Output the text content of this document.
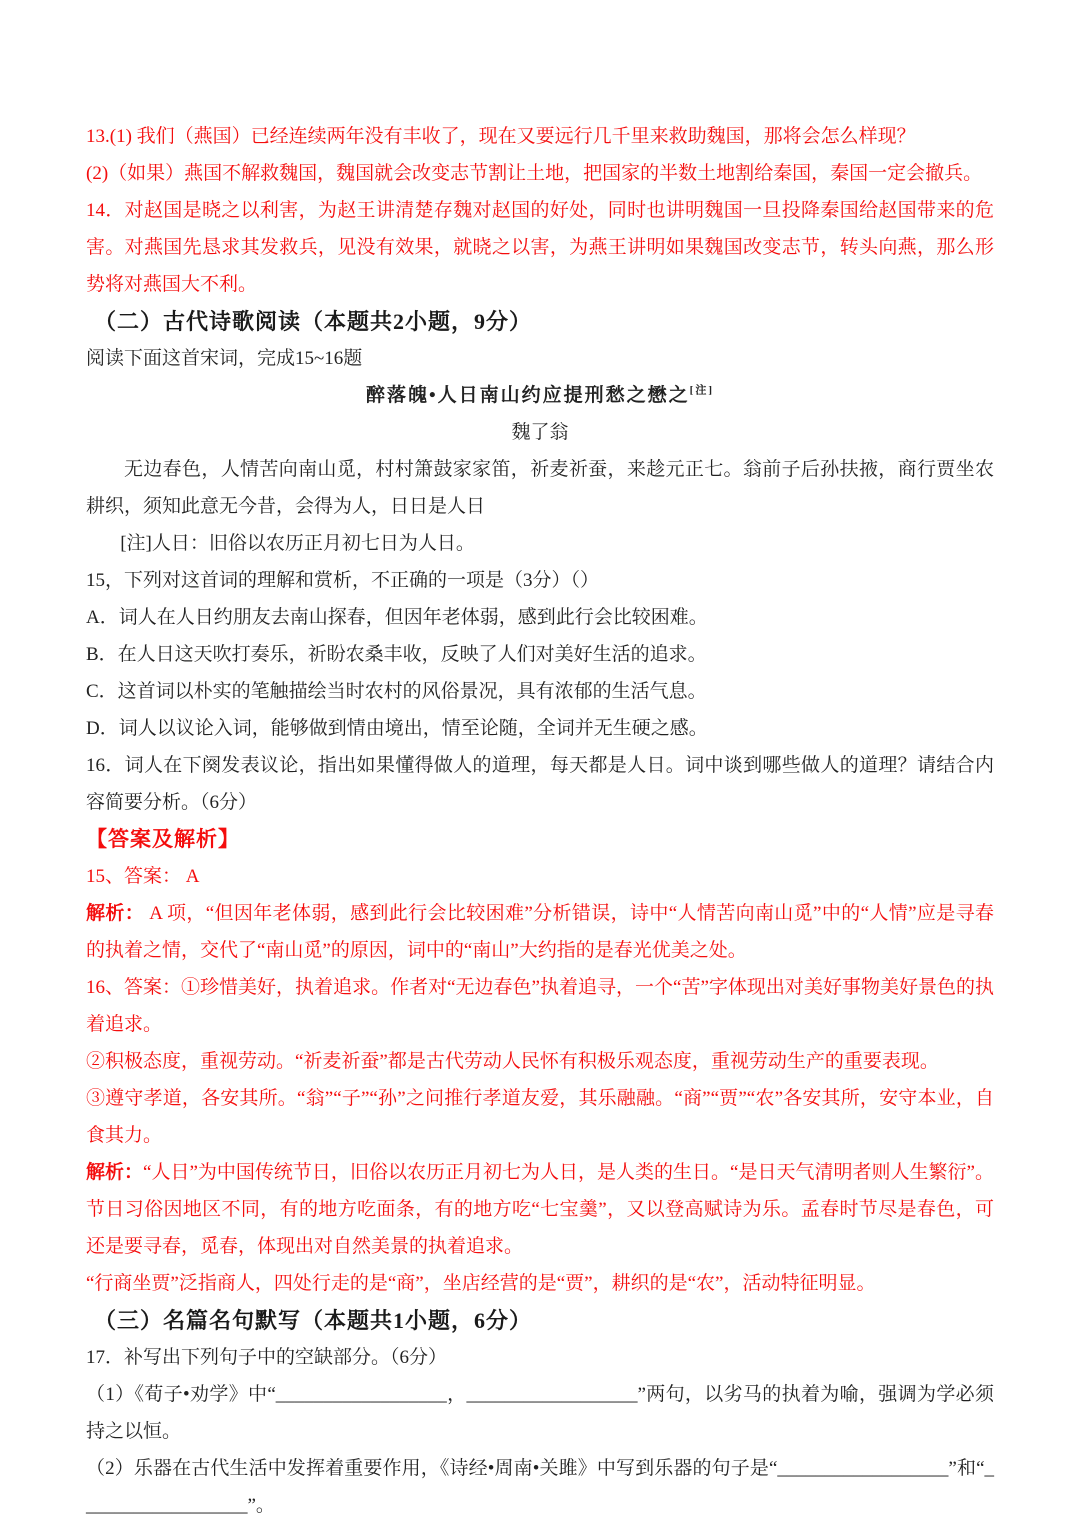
13.(1) 我们（燕国）已经连续两年没有丰收了，现在又要远行几千里来救助魏国，那将会怎么样现？

(2)（如果）燕国不解救魏国，魏国就会改变志节割让土地，把国家的半数土地割给秦国，秦国一定会撤兵。

14．对赵国是晓之以利害，为赵王讲清楚存魏对赵国的好处，同时也讲明魏国一旦投降秦国给赵国带来的危害。对燕国先恳求其发救兵，见没有效果，就晓之以害，为燕王讲明如果魏国改变志节，转头向燕，那么形势将对燕国大不利。

（二）古代诗歌阅读（本题共2小题，9分）

阅读下面这首宋词，完成15~16题

醉落魄•人日南山约应提刑愁之懋之[注]

魏了翁

无边春色，人情苦向南山觅，村村箫鼓家家笛，祈麦祈蚕，来趁元正七。翁前子后孙扶掖，商行贾坐农耕织，须知此意无今昔，会得为人，日日是人日

[注]人日：旧俗以农历正月初七日为人日。

15，下列对这首词的理解和赏析，不正确的一项是（3分）（）

A．词人在人日约朋友去南山探春，但因年老体弱，感到此行会比较困难。

B．在人日这天吹打奏乐，祈盼农桑丰收，反映了人们对美好生活的追求。

C．这首词以朴实的笔触描绘当时农村的风俗景况，具有浓郁的生活气息。

D．词人以议论入词，能够做到情由境出，情至论随，全词并无生硬之感。

16．词人在下阕发表议论，指出如果懂得做人的道理，每天都是人日。词中谈到哪些做人的道理？请结合内容简要分析。（6分）

【答案及解析】

15、答案： A

解析： A 项，“但因年老体弱，感到此行会比较困难”分析错误，诗中“人情苦向南山觅”中的“人情”应是寻春的执着之情，交代了“南山觅”的原因，词中的“南山”大约指的是春光优美之处。

16、答案：①珍惜美好，执着追求。作者对“无边春色”执着追寻，一个“苦”字体现出对美好事物美好景色的执着追求。

②积极态度，重视劳动。“祈麦祈蚕”都是古代劳动人民怀有积极乐观态度，重视劳动生产的重要表现。

③遵守孝道，各安其所。“翁”“子”“孙”之问推行孝道友爱，其乐融融。“商”“贾”“农”各安其所，安守本业，自食其力。

解析：“人日”为中国传统节日，旧俗以农历正月初七为人日，是人类的生日。“是日天气清明者则人生繁衍”。节日习俗因地区不同，有的地方吃面条，有的地方吃“七宝羹”，又以登高赋诗为乐。孟春时节尽是春色，可还是要寻春，觅春，体现出对自然美景的执着追求。

“行商坐贾”泛指商人，四处行走的是“商”，坐店经营的是“贾”，耕织的是“农”，活动特征明显。

（三）名篇名句默写（本题共1小题，6分）

17．补写出下列句子中的空缺部分。（6分）

（1）《荀子•劝学》中“__________________，__________________”两句，以劣马的执着为喻，强调为学必须持之以恒。

（2）乐器在古代生活中发挥着重要作用，《诗经•周南•关雎》中写到乐器的句子是“__________________”和“__________________”。
